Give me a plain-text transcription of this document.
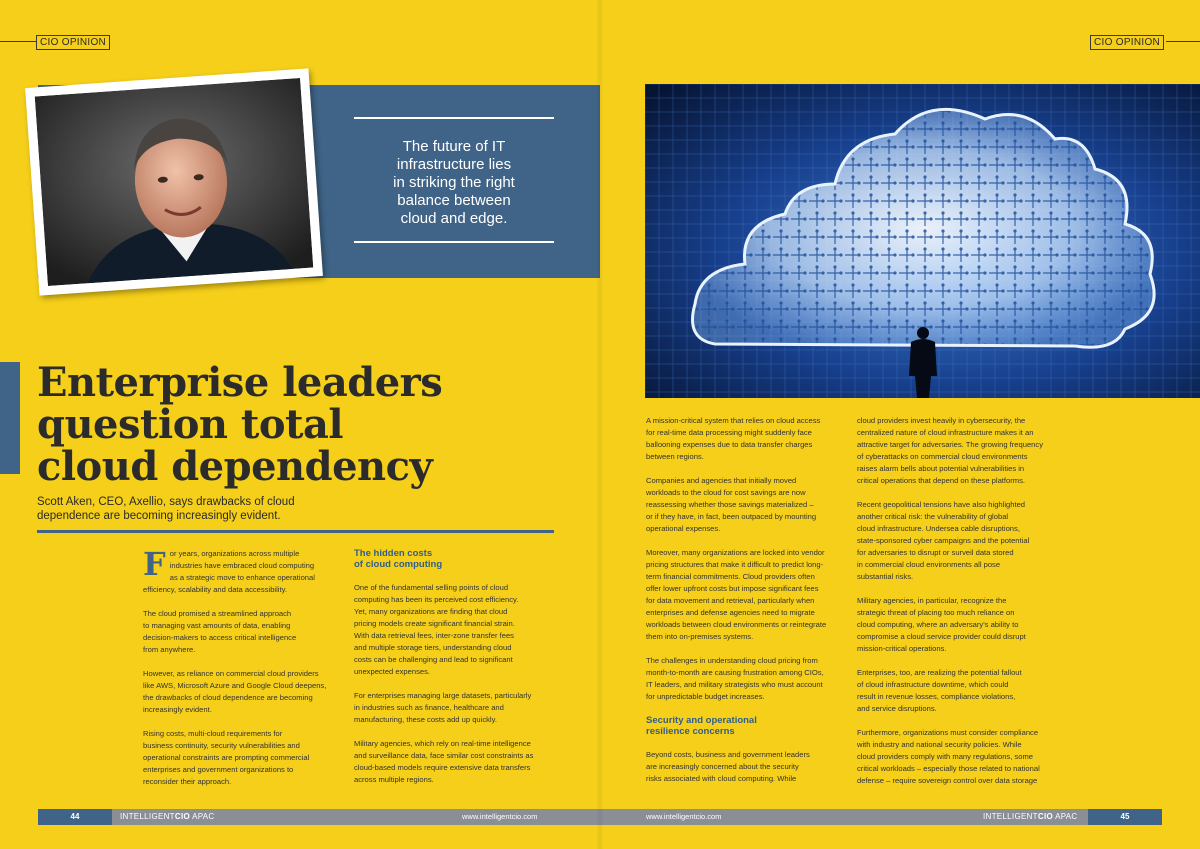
CIO OPINION	CIO OPINION
The future of IT
infrastructure lies
in striking the right
balance between
cloud and edge.
Enterprise leaders
question total
cloud dependency
Scott Aken, CEO, Axellio, says drawbacks of cloud
dependence are becoming increasingly evident.

F or years, organizations across multiple
industries have embraced cloud computing
as a strategic move to enhance operational
efficiency, scalability and data accessibility.

The cloud promised a streamlined approach
to managing vast amounts of data, enabling
decision-makers to access critical intelligence
from anywhere.

However, as reliance on commercial cloud providers
like AWS, Microsoft Azure and Google Cloud deepens,
the drawbacks of cloud dependence are becoming
increasingly evident.

Rising costs, multi-cloud requirements for
business continuity, security vulnerabilities and
operational constraints are prompting commercial
enterprises and government organizations to
reconsider their approach.

The hidden costs
of cloud computing

One of the fundamental selling points of cloud
computing has been its perceived cost efficiency.
Yet, many organizations are finding that cloud
pricing models create significant financial strain.
With data retrieval fees, inter-zone transfer fees
and multiple storage tiers, understanding cloud
costs can be challenging and lead to significant
unexpected expenses.

For enterprises managing large datasets, particularly
in industries such as finance, healthcare and
manufacturing, these costs add up quickly.

Military agencies, which rely on real-time intelligence
and surveillance data, face similar cost constraints as
cloud-based models require extensive data transfers
across multiple regions.

A mission-critical system that relies on cloud access
for real-time data processing might suddenly face
ballooning expenses due to data transfer charges
between regions.

Companies and agencies that initially moved
workloads to the cloud for cost savings are now
reassessing whether those savings materialized –
or if they have, in fact, been outpaced by mounting
operational expenses.

Moreover, many organizations are locked into vendor
pricing structures that make it difficult to predict long-
term financial commitments. Cloud providers often
offer lower upfront costs but impose significant fees
for data movement and retrieval, particularly when
enterprises and defense agencies need to migrate
workloads between cloud environments or reintegrate
them into on-premises systems.

The challenges in understanding cloud pricing from
month-to-month are causing frustration among CIOs,
IT leaders, and military strategists who must account
for unpredictable budget increases.

Security and operational
resilience concerns

Beyond costs, business and government leaders
are increasingly concerned about the security
risks associated with cloud computing. While

cloud providers invest heavily in cybersecurity, the
centralized nature of cloud infrastructure makes it an
attractive target for adversaries. The growing frequency
of cyberattacks on commercial cloud environments
raises alarm bells about potential vulnerabilities in
critical operations that depend on these platforms.

Recent geopolitical tensions have also highlighted
another critical risk: the vulnerability of global
cloud infrastructure. Undersea cable disruptions,
state-sponsored cyber campaigns and the potential
for adversaries to disrupt or surveil data stored
in commercial cloud environments all pose
substantial risks.

Military agencies, in particular, recognize the
strategic threat of placing too much reliance on
cloud computing, where an adversary's ability to
compromise a cloud service provider could disrupt
mission-critical operations.

Enterprises, too, are realizing the potential fallout
of cloud infrastructure downtime, which could
result in revenue losses, compliance violations,
and service disruptions.

Furthermore, organizations must consider compliance
with industry and national security policies. While
cloud providers comply with many regulations, some
critical workloads – especially those related to national
defense – require sovereign control over data storage

44	INTELLIGENTCIO APAC	www.intelligentcio.com	www.intelligentcio.com	INTELLIGENTCIO APAC	45
